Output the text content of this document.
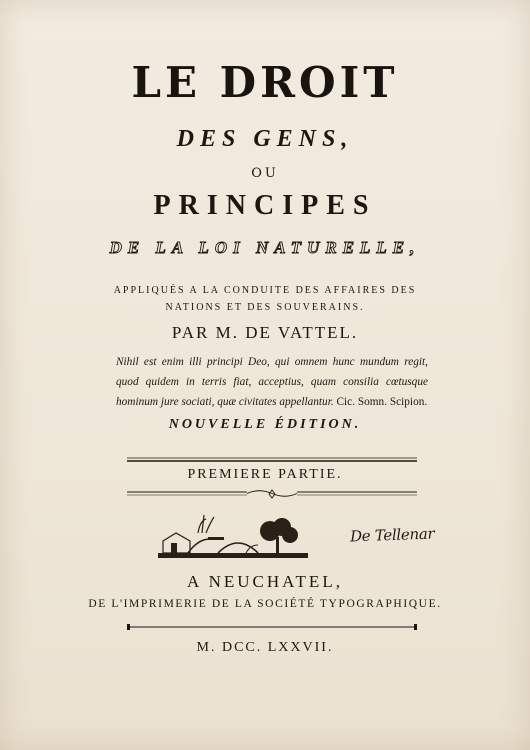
LE DROIT
DES GENS,
OU
PRINCIPES
DE LA LOI NATURELLE,
APPLIQUÉS A LA CONDUITE DES AFFAIRES DES
NATIONS ET DES SOUVERAINS.
PAR M. DE VATTEL.
Nihil est enim illi principi Deo, qui omnem hunc mundum regit, quod quidem in terris fiat, acceptius, quam consilia cœtusque hominum jure sociati, quæ civitates appellantur. Cic. Somn. Scipion.
NOUVELLE ÉDITION.
PREMIERE PARTIE.
De Tellenar
A NEUCHATEL,
DE L'IMPRIMERIE DE LA SOCIÉTÉ TYPOGRAPHIQUE.
M. DCC. LXXVII.
